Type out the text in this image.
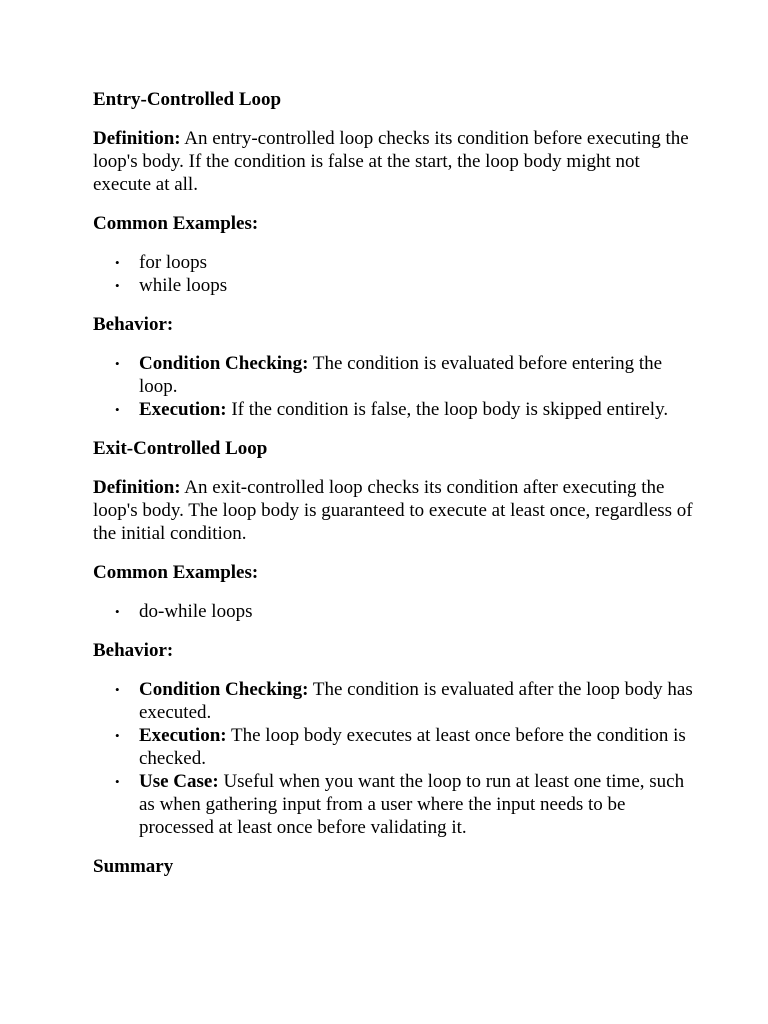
Entry-Controlled Loop

Definition: An entry-controlled loop checks its condition before executing the loop's body. If the condition is false at the start, the loop body might not execute at all.

Common Examples:

• for loops
• while loops

Behavior:

• Condition Checking: The condition is evaluated before entering the loop.
• Execution: If the condition is false, the loop body is skipped entirely.

Exit-Controlled Loop

Definition: An exit-controlled loop checks its condition after executing the loop's body. The loop body is guaranteed to execute at least once, regardless of the initial condition.

Common Examples:

• do-while loops

Behavior:

• Condition Checking: The condition is evaluated after the loop body has executed.
• Execution: The loop body executes at least once before the condition is checked.
• Use Case: Useful when you want the loop to run at least one time, such as when gathering input from a user where the input needs to be processed at least once before validating it.

Summary
